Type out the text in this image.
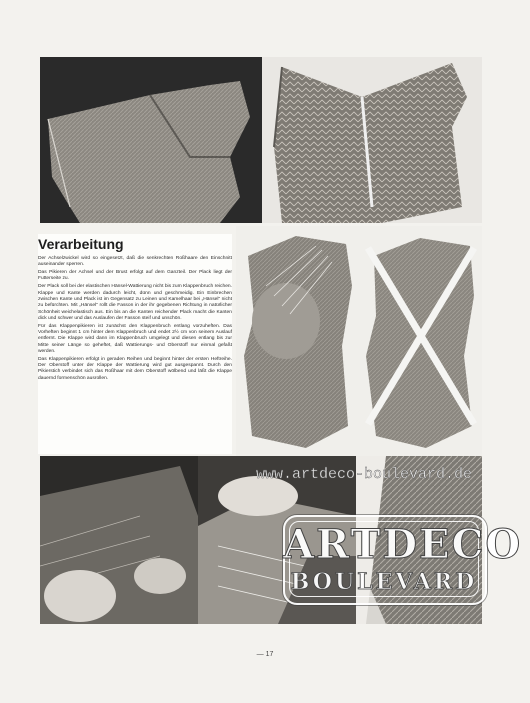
Verarbeitung

Der Achselzwickel wird so eingesetzt, daß die senkrechten Roßhaare den Einschnitt auseinander sperren.

Das Pikieren der Achsel und der Brust erfolgt auf dem Ganzteil. Der Plack liegt der Futterseite zu.

Der Plack soll bei der elastischen Hänsel-Wattierung nicht bis zum Klappenbruch reichen. Klappe und Kante werden dadurch leicht, dünn und geschmeidig. Ein Einbrechen zwischen Kante und Plack ist im Gegensatz zu Leinen und Kamelhaar bei „Hänsel“ nicht zu befürchten. Mit „Hänsel“ rollt die Fasson in der ihr gegebenen Richtung in natürlicher Schönheit weichelastisch aus. Ein bis an die Kanten reichender Plack macht die Kanten dick und schwer und das Auslaufen der Fasson steif und unschön.

Für das Klappenpikieren ist zunächst den Klappenbruch entlang vorzuheften. Das Vorheften beginnt 1 cm hinter dem Klappenbruch und endet 2½ cm von seinem Auslauf entfernt. Die Klappe wird dann im Klappenbruch umgelegt und diesen entlang bis zur Mitte seiner Länge so geheftet, daß Wattierungs- und Oberstoff nur einmal gefaßt werden.

Das Klappenpikieren erfolgt in geraden Reihen und beginnt hinter der ersten Heftreihe. Der Oberstoff unter der Klappe der Wattierung wird gut ausgespannt. Durch den Pikierstich verbindet sich das Roßhaar mit dem Oberstoff wölbend und läßt die Klappe dauernd formenschön ausrollen.

www.artdeco-boulevard.de
ARTDECO
BOULEVARD
— 17
